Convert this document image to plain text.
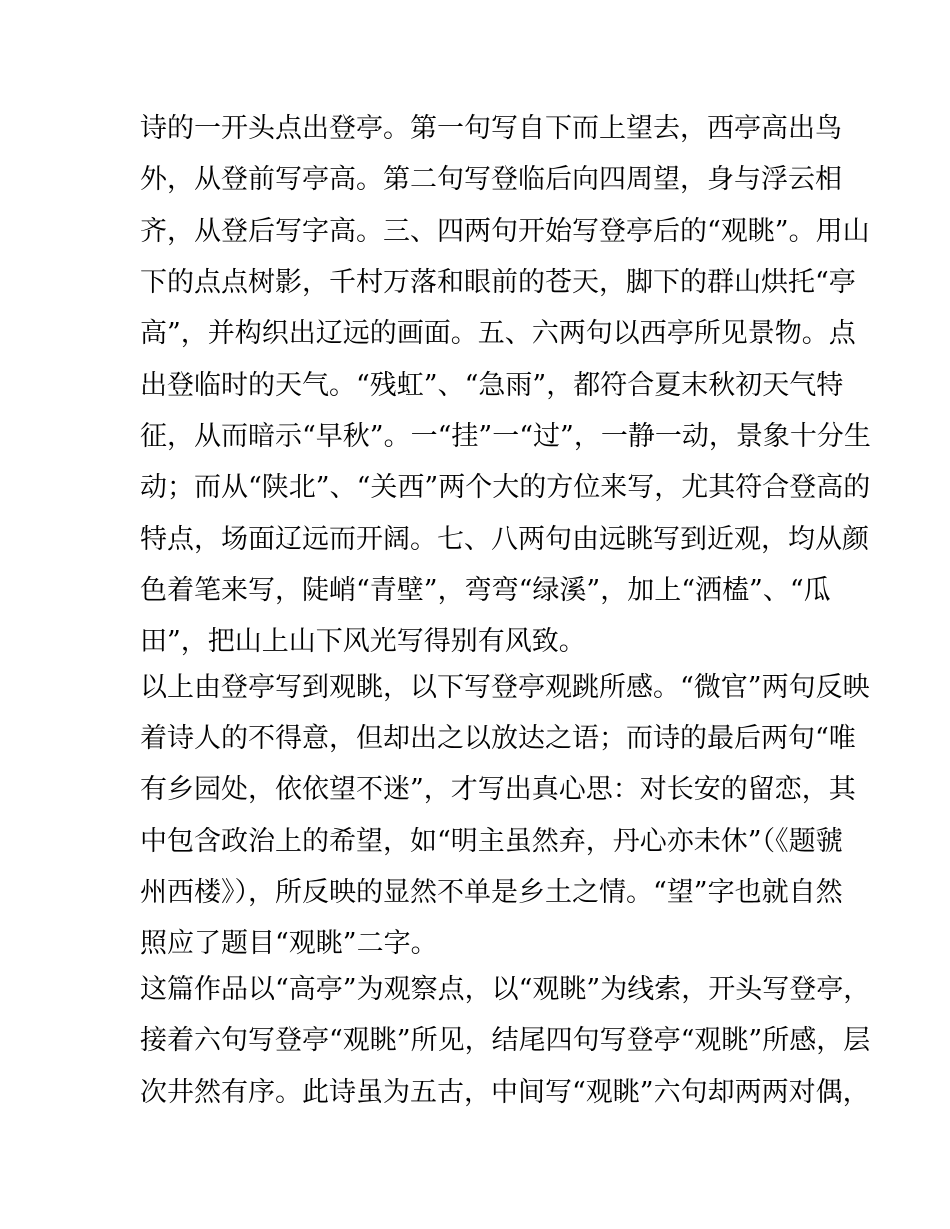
诗的一开头点出登亭。第一句写自下而上望去，西亭高出鸟
外，从登前写亭高。第二句写登临后向四周望，身与浮云相
齐，从登后写字高。三、四两句开始写登亭后的“观眺”。用山
下的点点树影，千村万落和眼前的苍天，脚下的群山烘托“亭
高”，并构织出辽远的画面。五、六两句以西亭所见景物。点
出登临时的天气。“残虹”、“急雨”，都符合夏末秋初天气特
征，从而暗示“早秋”。一“挂”一“过”，一静一动，景象十分生
动；而从“陕北”、“关西”两个大的方位来写，尤其符合登高的
特点，场面辽远而开阔。七、八两句由远眺写到近观，均从颜
色着笔来写，陡峭“青壁”，弯弯“绿溪”，加上“洒榼”、“瓜
田”，把山上山下风光写得别有风致。
以上由登亭写到观眺，以下写登亭观跳所感。“微官”两句反映
着诗人的不得意，但却出之以放达之语；而诗的最后两句“唯
有乡园处，依依望不迷”，才写出真心思：对长安的留恋，其
中包含政治上的希望，如“明主虽然弃，丹心亦未休”（《题虢
州西楼》），所反映的显然不单是乡土之情。“望”字也就自然
照应了题目“观眺”二字。
这篇作品以“高亭”为观察点，以“观眺”为线索，开头写登亭，
接着六句写登亭“观眺”所见，结尾四句写登亭“观眺”所感，层
次井然有序。此诗虽为五古，中间写“观眺”六句却两两对偶，
